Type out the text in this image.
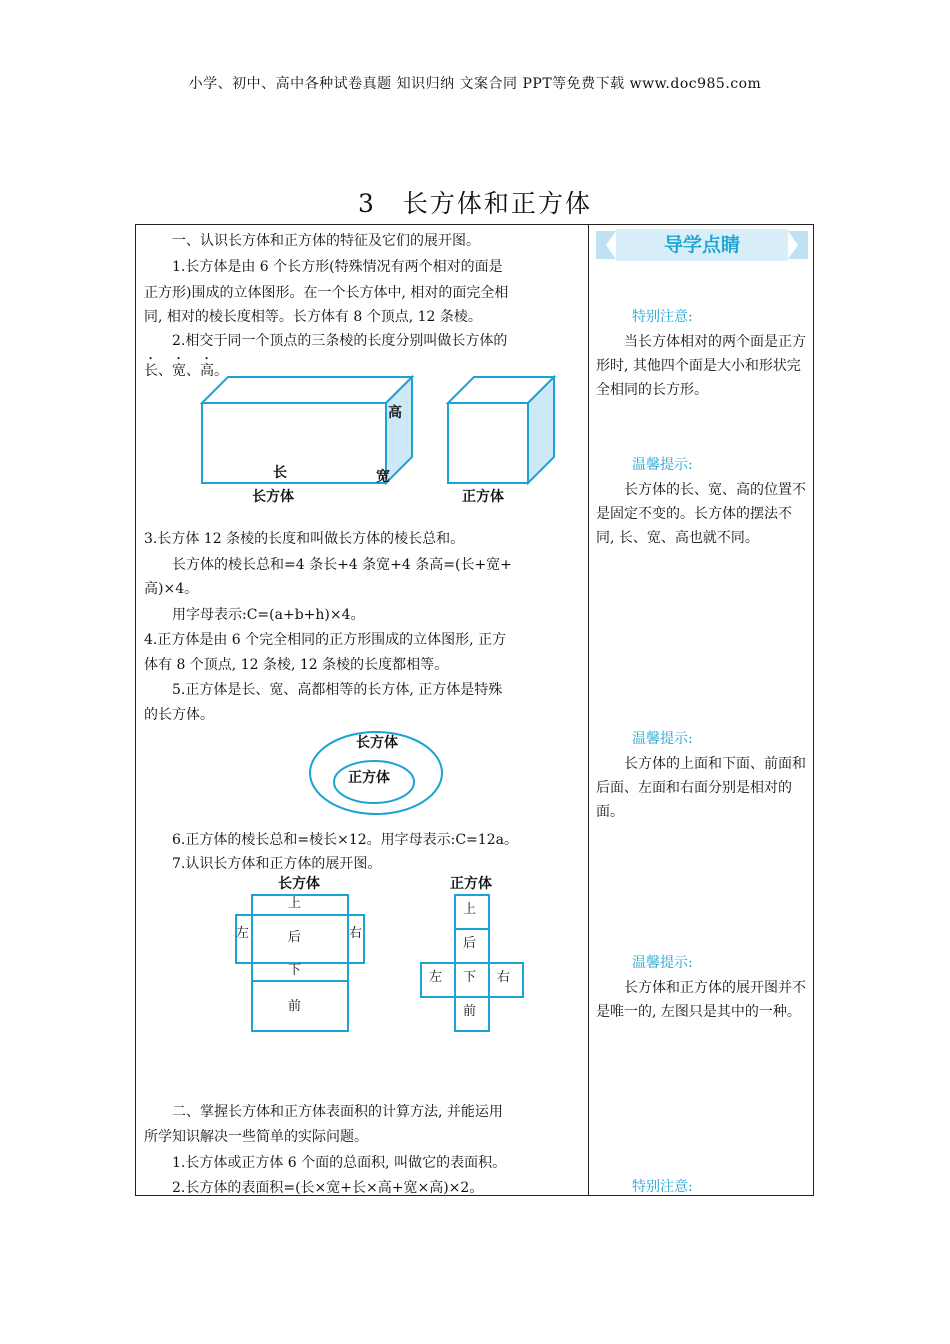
小学、初中、高中各种试卷真题 知识归纳 文案合同 PPT等免费下载 www.doc985.com
3　长方体和正方体
一、认识长方体和正方体的特征及它们的展开图。
1.长方体是由 6 个长方形(特殊情况有两个相对的面是
正方形)围成的立体图形。在一个长方体中, 相对的面完全相
同, 相对的棱长度相等。长方体有 8 个顶点, 12 条棱。
2.相交于同一个顶点的三条棱的长度分别叫做长方体的
长、宽、高。
高
长	宽
长方体	正方体
3.长方体 12 条棱的长度和叫做长方体的棱长总和。
长方体的棱长总和=4 条长+4 条宽+4 条高=(长+宽+
高)×4。
用字母表示:C=(a+b+h)×4。
4.正方体是由 6 个完全相同的正方形围成的立体图形, 正方
体有 8 个顶点, 12 条棱, 12 条棱的长度都相等。
5.正方体是长、宽、高都相等的长方体, 正方体是特殊
的长方体。
长方体
正方体
6.正方体的棱长总和=棱长×12。用字母表示:C=12a。
7.认识长方体和正方体的展开图。
长方体	正方体
上
后
左	右
下
前
上
后
左 下 右
前
二、掌握长方体和正方体表面积的计算方法, 并能运用
所学知识解决一些简单的实际问题。
1.长方体或正方体 6 个面的总面积, 叫做它的表面积。
2.长方体的表面积=(长×宽+长×高+宽×高)×2。
导学点睛
特别注意:
当长方体相对的两个面是正方形时, 其他四个面是大小和形状完全相同的长方形。
温馨提示:
长方体的长、宽、高的位置不是固定不变的。长方体的摆法不同, 长、宽、高也就不同。
温馨提示:
长方体的上面和下面、前面和后面、左面和右面分别是相对的面。
温馨提示:
长方体和正方体的展开图并不是唯一的, 左图只是其中的一种。
特别注意:
